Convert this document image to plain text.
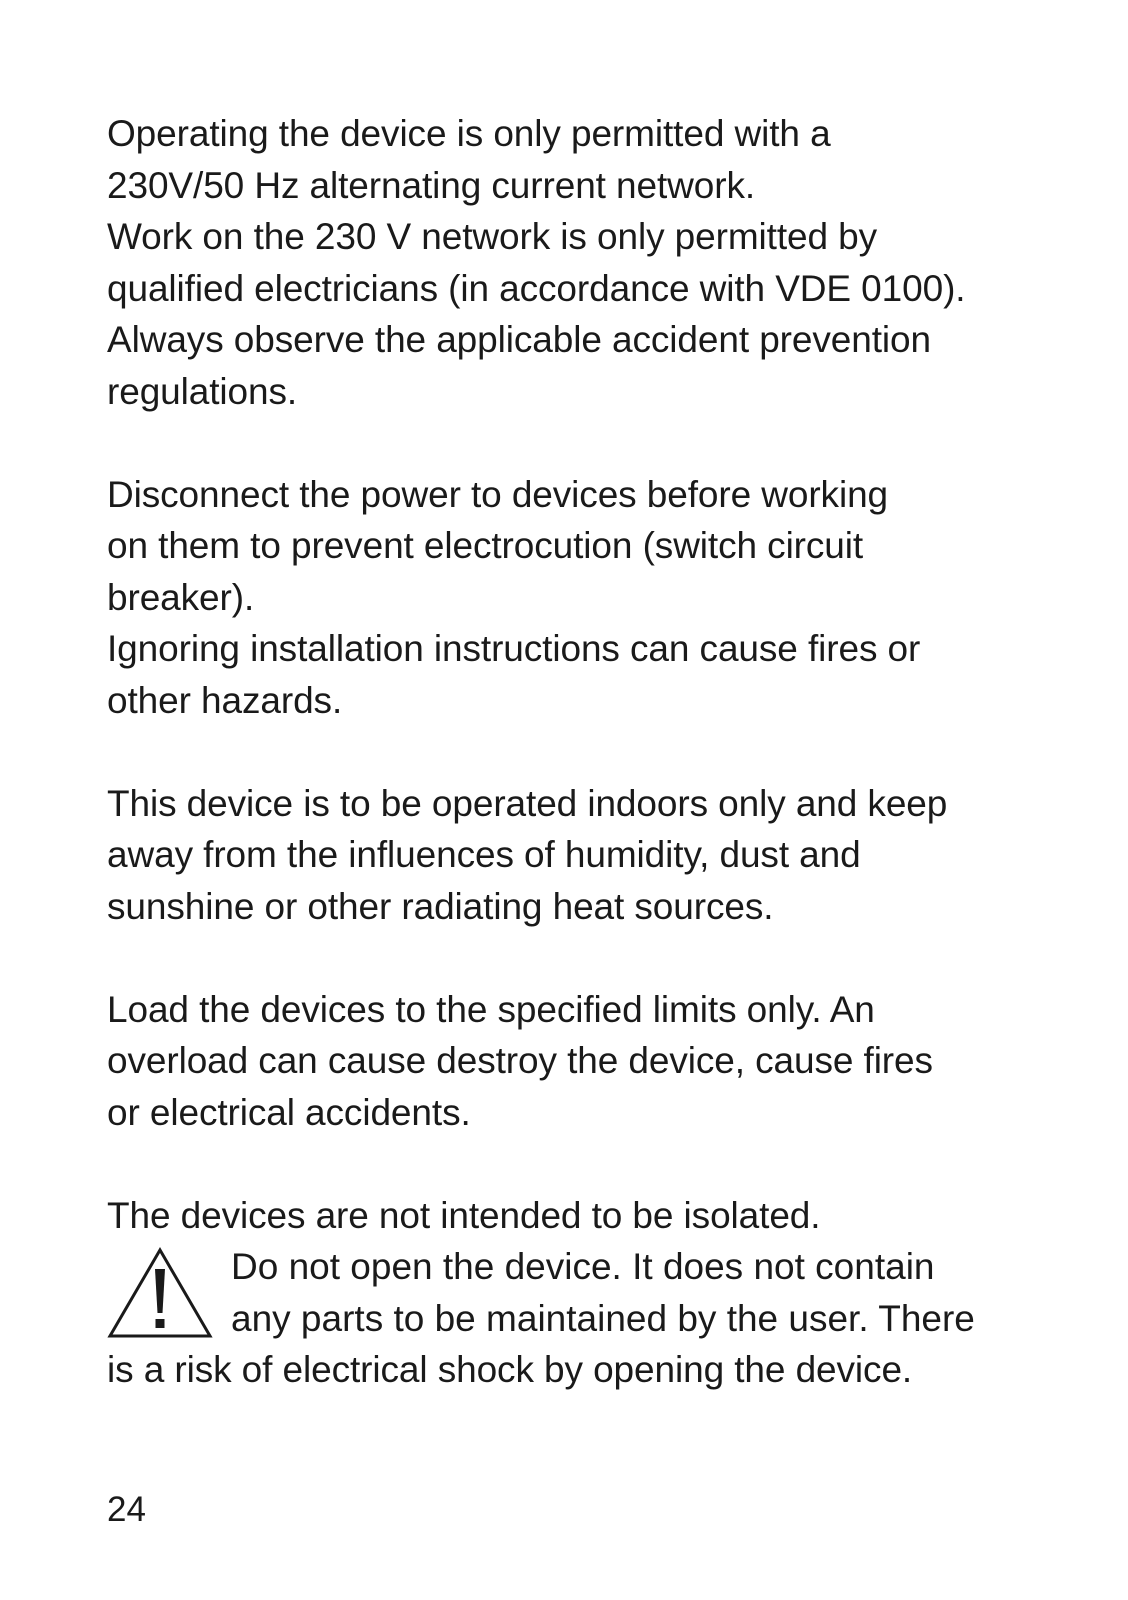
Operating the device is only permitted with a
230V/50 Hz alternating current network.
Work on the 230 V network is only permitted by
qualified electricians (in accordance with VDE 0100).
Always observe the applicable accident prevention
regulations.
Disconnect the power to devices before working
on them to prevent electrocution (switch circuit
breaker).
Ignoring installation instructions can cause fires or
other hazards.
This device is to be operated indoors only and keep
away from the influences of humidity, dust and
sunshine or other radiating heat sources.
Load the devices to the specified limits only. An
overload can cause destroy the device, cause fires
or electrical accidents.
The devices are not intended to be isolated.
Do not open the device. It does not contain
any parts to be maintained by the user. There
is a risk of electrical shock by opening the device.
24
